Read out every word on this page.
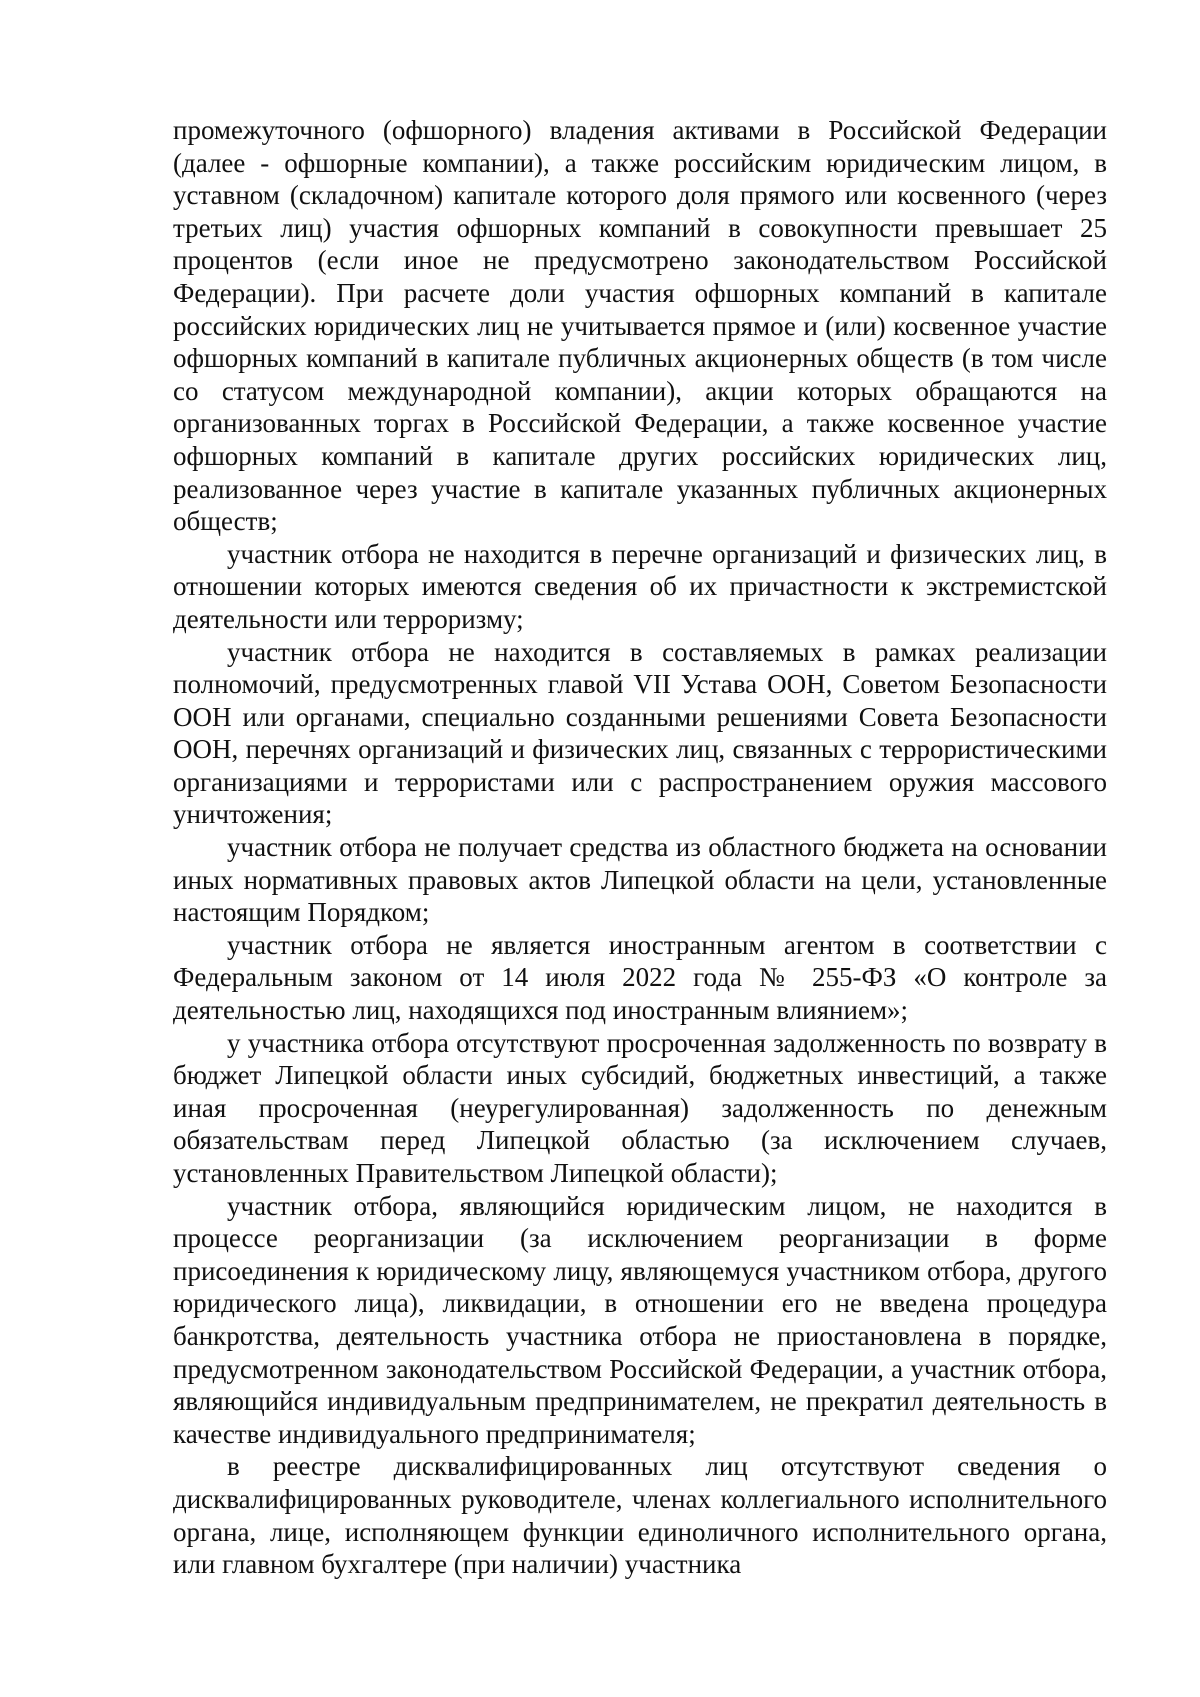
промежуточного (офшорного) владения активами в Российской Федерации (далее - офшорные компании), а также российским юридическим лицом, в уставном (складочном) капитале которого доля прямого или косвенного (через третьих лиц) участия офшорных компаний в совокупности превышает 25 процентов (если иное не предусмотрено законодательством Российской Федерации). При расчете доли участия офшорных компаний в капитале российских юридических лиц не учитывается прямое и (или) косвенное участие офшорных компаний в капитале публичных акционерных обществ (в том числе со статусом международной компании), акции которых обращаются на организованных торгах в Российской Федерации, а также косвенное участие офшорных компаний в капитале других российских юридических лиц, реализованное через участие в капитале указанных публичных акционерных обществ;

участник отбора не находится в перечне организаций и физических лиц, в отношении которых имеются сведения об их причастности к экстремистской деятельности или терроризму;

участник отбора не находится в составляемых в рамках реализации полномочий, предусмотренных главой VII Устава ООН, Советом Безопасности ООН или органами, специально созданными решениями Совета Безопасности ООН, перечнях организаций и физических лиц, связанных с террористическими организациями и террористами или с распространением оружия массового уничтожения;

участник отбора не получает средства из областного бюджета на основании иных нормативных правовых актов Липецкой области на цели, установленные настоящим Порядком;

участник отбора не является иностранным агентом в соответствии с Федеральным законом от 14 июля 2022 года № 255-ФЗ «О контроле за деятельностью лиц, находящихся под иностранным влиянием»;

у участника отбора отсутствуют просроченная задолженность по возврату в бюджет Липецкой области иных субсидий, бюджетных инвестиций, а также иная просроченная (неурегулированная) задолженность по денежным обязательствам перед Липецкой областью (за исключением случаев, установленных Правительством Липецкой области);

участник отбора, являющийся юридическим лицом, не находится в процессе реорганизации (за исключением реорганизации в форме присоединения к юридическому лицу, являющемуся участником отбора, другого юридического лица), ликвидации, в отношении его не введена процедура банкротства, деятельность участника отбора не приостановлена в порядке, предусмотренном законодательством Российской Федерации, а участник отбора, являющийся индивидуальным предпринимателем, не прекратил деятельность в качестве индивидуального предпринимателя;

в реестре дисквалифицированных лиц отсутствуют сведения о дисквалифицированных руководителе, членах коллегиального исполнительного органа, лице, исполняющем функции единоличного исполнительного органа, или главном бухгалтере (при наличии) участника
